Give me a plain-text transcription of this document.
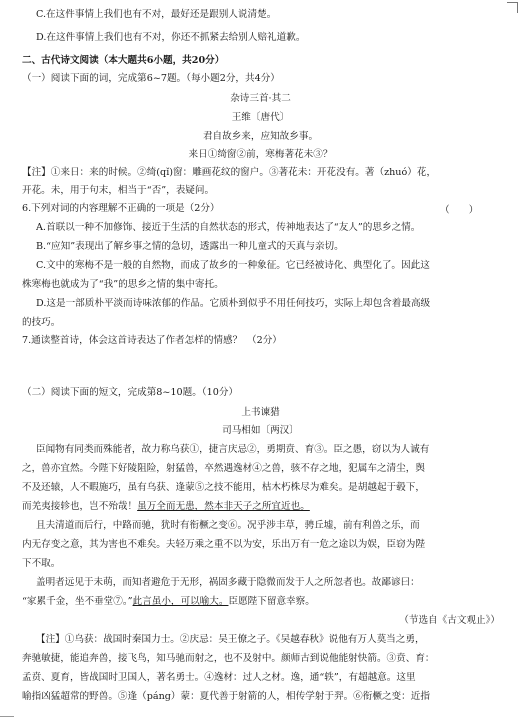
C.在这件事情上我们也有不对，最好还是跟别人说清楚。
D.在这件事情上我们也有不对，你还不抓紧去给别人赔礼道歉。
二、古代诗文阅读（本大题共6小题，共20分）
（一）阅读下面的词，完成第6~7题。（每小题2分，共4分）
杂诗三首·其二
王维〔唐代〕
君自故乡来，应知故乡事。
来日①绮窗②前，寒梅著花未③？
【注】①来日：来的时候。②绮(qǐ)窗：雕画花纹的窗户。③著花未：开花没有。著（zhuó）花，
开花。未，用于句末，相当于“否”，表疑问。
6.下列对词的内容理解不正确的一项是（2分）	（　　）
A.首联以一种不加修饰、接近于生活的自然状态的形式，传神地表达了“友人”的思乡之情。
B.“应知”表现出了解乡事之情的急切，透露出一种儿童式的天真与亲切。
C.文中的寒梅不是一般的自然物，而成了故乡的一种象征。它已经被诗化、典型化了。因此这
株寒梅也就成为了“我”的思乡之情的集中寄托。
D.这是一部质朴平淡而诗味浓郁的作品。它质朴到似乎不用任何技巧，实际上却包含着最高级
的技巧。
7.通读整首诗，体会这首诗表达了作者怎样的情感？　（2分）
（二）阅读下面的短文，完成第8~10题。（10分）
上书谏猎
司马相如〔两汉〕
臣闻物有同类而殊能者，故力称乌获①，捷言庆忌②，勇期贲、育③。臣之愚，窃以为人诚有
之，兽亦宜然。今陛下好陵阻险，射猛兽，卒然遇逸材④之兽，骇不存之地，犯属车之清尘，舆
不及还辕，人不暇施巧，虽有乌获、逢蒙⑤之技不能用，枯木朽株尽为难矣。是胡越起于毂下，
而羌夷接轸也，岂不殆哉！虽万全而无患，然本非天子之所宜近也。
且夫清道而后行，中路而驰，犹时有衔橛之变⑥。况乎涉丰草，骋丘墟，前有利兽之乐，而
内无存变之意，其为害也不难矣。夫轻万乘之重不以为安，乐出万有一危之途以为娱，臣窃为陛
下不取。
盖明者远见于未萌，而知者避危于无形，祸固多藏于隐微而发于人之所忽者也。故鄙谚曰：
“家累千金，坐不垂堂⑦。”此言虽小，可以喻大。臣愿陛下留意幸察。
（节选自《古文观止》）
【注】①乌获：战国时秦国力士。②庆忌：吴王僚之子。《吴越春秋》说他有万人莫当之勇，
奔驰敏捷，能追奔兽，接飞鸟，知马驰而射之，也不及射中。颜师古到说他能射快箭。③贲、育：
孟贲、夏育，皆战国时卫国人，著名勇士。④逸材：过人之材。逸，通“轶”，有超越意。这里
喻指凶猛超常的野兽。⑤逢（páng）蒙：夏代善于射箭的人，相传学射于羿。⑥衔橛之变：近指
